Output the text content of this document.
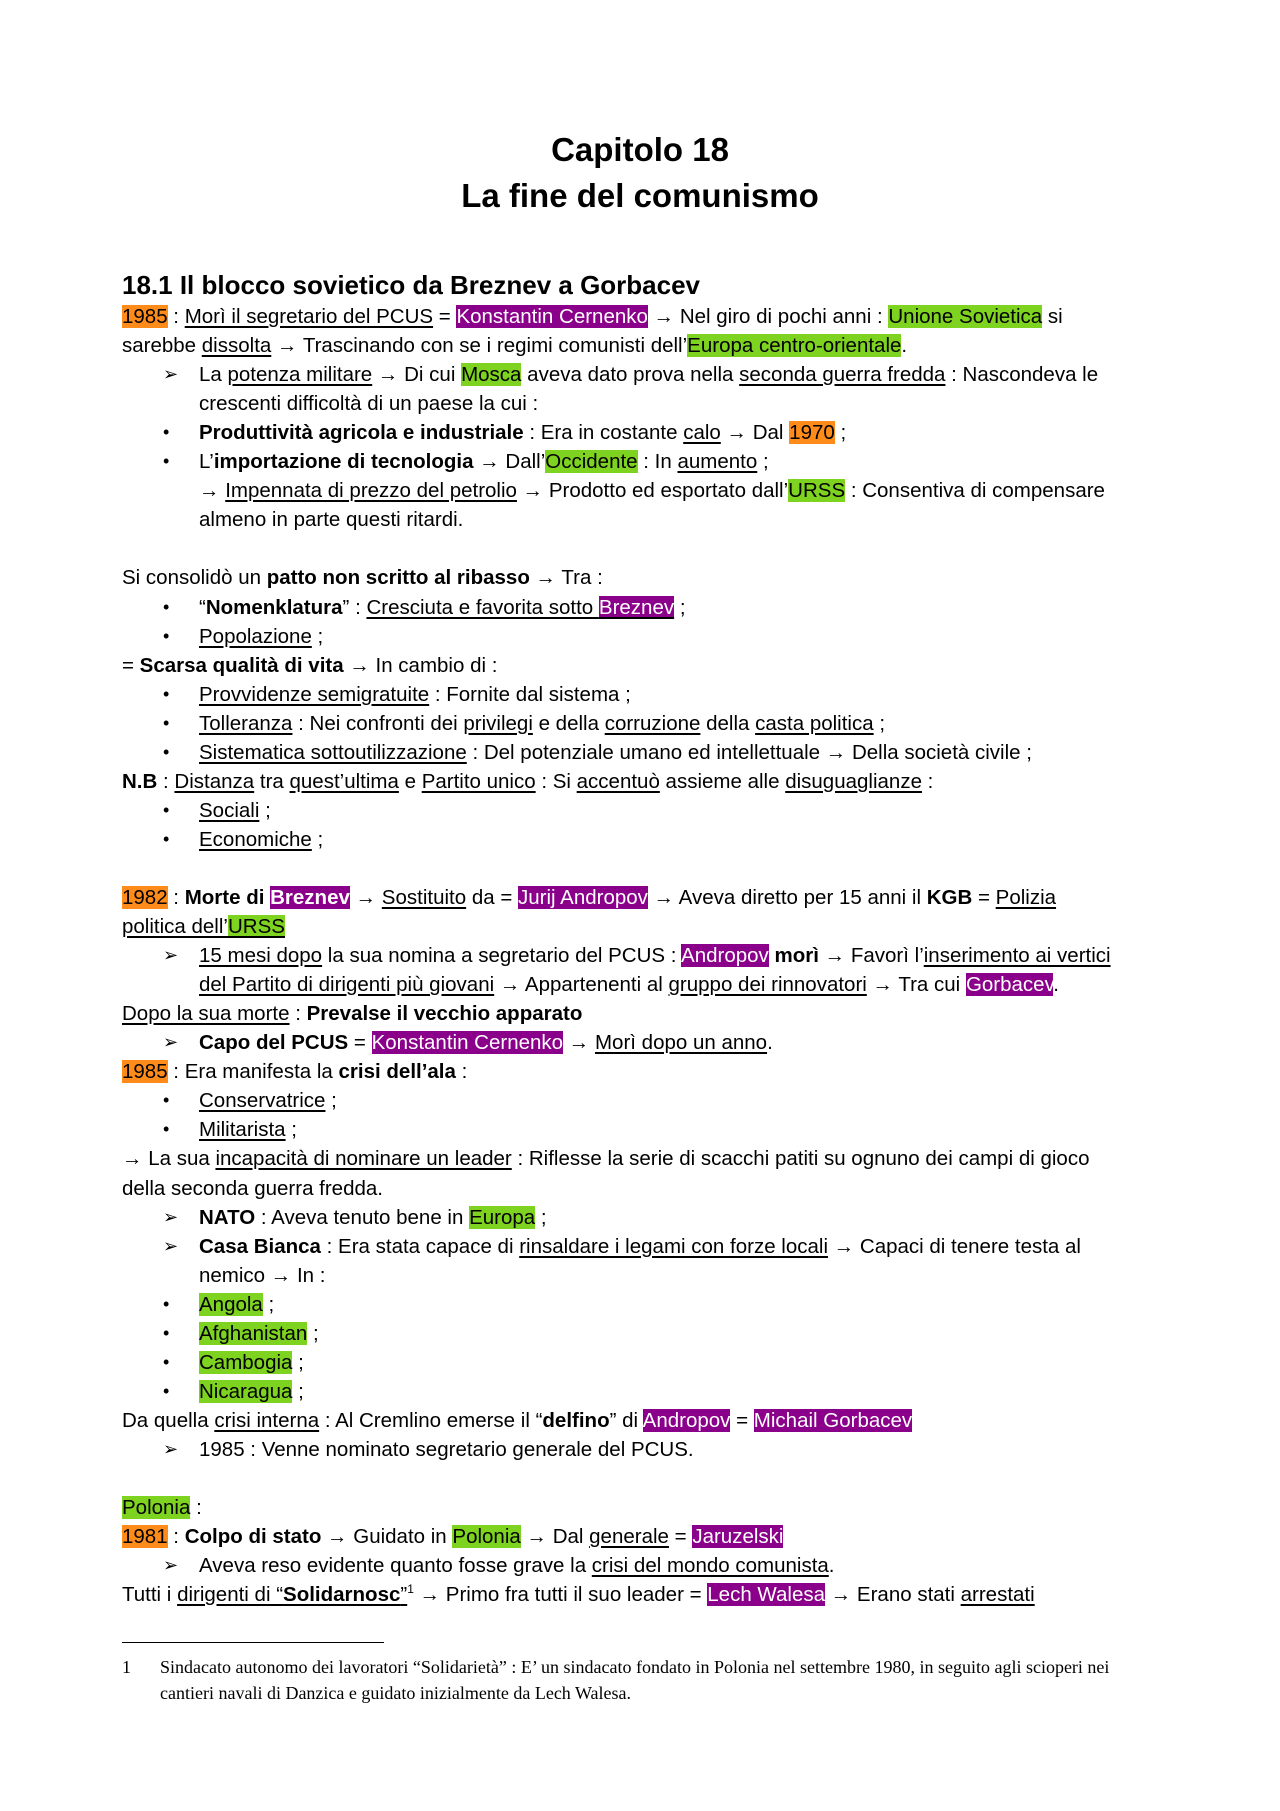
Capitolo 18
La fine del comunismo
18.1 Il blocco sovietico da Breznev a Gorbacev
1985 : Morì il segretario del PCUS = Konstantin Cernenko → Nel giro di pochi anni : Unione Sovietica si
sarebbe dissolta → Trascinando con se i regimi comunisti dell’Europa centro-orientale.
➢ La potenza militare → Di cui Mosca aveva dato prova nella seconda guerra fredda : Nascondeva le
crescenti difficoltà di un paese la cui :
• Produttività agricola e industriale : Era in costante calo → Dal 1970 ;
• L’importazione di tecnologia → Dall’Occidente : In aumento ;
→ Impennata di prezzo del petrolio → Prodotto ed esportato dall’URSS : Consentiva di compensare
almeno in parte questi ritardi.
Si consolidò un patto non scritto al ribasso → Tra :
• “Nomenklatura” : Cresciuta e favorita sotto Breznev ;
• Popolazione ;
= Scarsa qualità di vita → In cambio di :
• Provvidenze semigratuite : Fornite dal sistema ;
• Tolleranza : Nei confronti dei privilegi e della corruzione della casta politica ;
• Sistematica sottoutilizzazione : Del potenziale umano ed intellettuale → Della società civile ;
N.B : Distanza tra quest’ultima e Partito unico : Si accentuò assieme alle disuguaglianze :
• Sociali ;
• Economiche ;
1982 : Morte di Breznev → Sostituito da = Jurij Andropov → Aveva diretto per 15 anni il KGB = Polizia
politica dell’URSS
➢ 15 mesi dopo la sua nomina a segretario del PCUS : Andropov morì → Favorì l’inserimento ai vertici
del Partito di dirigenti più giovani → Appartenenti al gruppo dei rinnovatori → Tra cui Gorbacev.
Dopo la sua morte : Prevalse il vecchio apparato
➢ Capo del PCUS = Konstantin Cernenko → Morì dopo un anno.
1985 : Era manifesta la crisi dell’ala :
• Conservatrice ;
• Militarista ;
→ La sua incapacità di nominare un leader : Riflesse la serie di scacchi patiti su ognuno dei campi di gioco
della seconda guerra fredda.
➢ NATO : Aveva tenuto bene in Europa ;
➢ Casa Bianca : Era stata capace di rinsaldare i legami con forze locali → Capaci di tenere testa al
nemico → In :
• Angola ;
• Afghanistan ;
• Cambogia ;
• Nicaragua ;
Da quella crisi interna : Al Cremlino emerse il “delfino” di Andropov = Michail Gorbacev
➢ 1985 : Venne nominato segretario generale del PCUS.
Polonia :
1981 : Colpo di stato → Guidato in Polonia → Dal generale = Jaruzelski
➢ Aveva reso evidente quanto fosse grave la crisi del mondo comunista.
Tutti i dirigenti di “Solidarnosc”$^1$ → Primo fra tutti il suo leader = Lech Walesa → Erano stati arrestati
1 Sindacato autonomo dei lavoratori “Solidarietà” : E’ un sindacato fondato in Polonia nel settembre 1980, in seguito agli scioperi nei cantieri navali di Danzica e guidato inizialmente da Lech Walesa.
